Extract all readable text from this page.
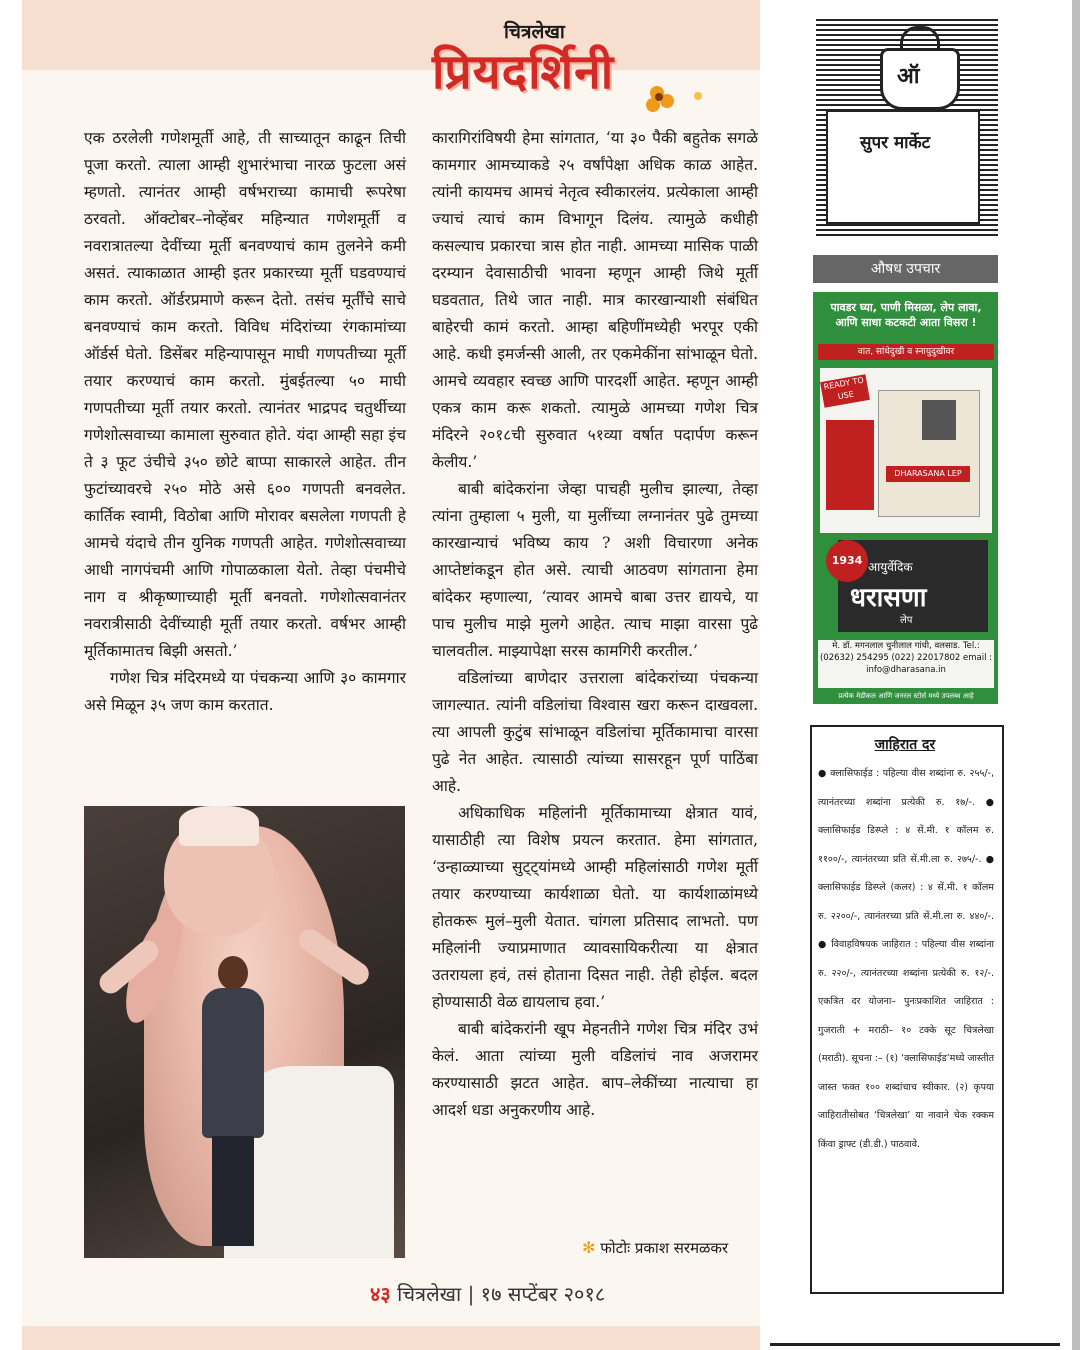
चित्रलेखा
प्रियदर्शिनी

एक ठरलेली गणेशमूर्ती आहे, ती साच्यातून काढून तिची पूजा करतो. त्याला आम्ही शुभारंभाचा नारळ फुटला असं म्हणतो. त्यानंतर आम्ही वर्षभराच्या कामाची रूपरेषा ठरवतो. ऑक्टोबर–नोव्हेंबर महिन्यात गणेशमूर्ती व नवरात्रातल्या देवींच्या मूर्ती बनवण्याचं काम तुलनेने कमी असतं. त्याकाळात आम्ही इतर प्रकारच्या मूर्ती घडवण्याचं काम करतो. ऑर्डरप्रमाणे करून देतो. तसंच मूर्तींचे साचे बनवण्याचं काम करतो. विविध मंदिरांच्या रंगकामांच्या ऑर्डर्स घेतो. डिसेंबर महिन्यापासून माघी गणपतीच्या मूर्ती तयार करण्याचं काम करतो. मुंबईतल्या ५० माघी गणपतीच्या मूर्ती तयार करतो. त्यानंतर भाद्रपद चतुर्थीच्या गणेशोत्सवाच्या कामाला सुरुवात होते. यंदा आम्ही सहा इंच ते ३ फूट उंचीचे ३५० छोटे बाप्पा साकारले आहेत. तीन फुटांच्यावरचे २५० मोठे असे ६०० गणपती बनवलेत. कार्तिक स्वामी, विठोबा आणि मोरावर बसलेला गणपती हे आमचे यंदाचे तीन युनिक गणपती आहेत. गणेशोत्सवाच्या आधी नागपंचमी आणि गोपाळकाला येतो. तेव्हा पंचमीचे नाग व श्रीकृष्णाच्याही मूर्ती बनवतो. गणेशोत्सवानंतर नवरात्रीसाठी देवींच्याही मूर्ती तयार करतो. वर्षभर आम्ही मूर्तिकामातच बिझी असतो.’

गणेश चित्र मंदिरमध्ये या पंचकन्या आणि ३० कामगार असे मिळून ३५ जण काम करतात.

कारागिरांविषयी हेमा सांगतात, ‘या ३० पैकी बहुतेक सगळे कामगार आमच्याकडे २५ वर्षांपेक्षा अधिक काळ आहेत. त्यांनी कायमच आमचं नेतृत्व स्वीकारलंय. प्रत्येकाला आम्ही ज्याचं त्याचं काम विभागून दिलंय. त्यामुळे कधीही कसल्याच प्रकारचा त्रास होत नाही. आमच्या मासिक पाळी दरम्यान देवासाठीची भावना म्हणून आम्ही जिथे मूर्ती घडवतात, तिथे जात नाही. मात्र कारखान्याशी संबंधित बाहेरची कामं करतो. आम्हा बहिणींमध्येही भरपूर एकी आहे. कधी इमर्जन्सी आली, तर एकमेकींना सांभाळून घेतो. आमचे व्यवहार स्वच्छ आणि पारदर्शी आहेत. म्हणून आम्ही एकत्र काम करू शकतो. त्यामुळे आमच्या गणेश चित्र मंदिरने २०१८ची सुरुवात ५१व्या वर्षात पदार्पण करून केलीय.’

बाबी बांदेकरांना जेव्हा पाचही मुलीच झाल्या, तेव्हा त्यांना तुम्हाला ५ मुली, या मुलींच्या लग्नानंतर पुढे तुमच्या कारखान्याचं भविष्य काय ? अशी विचारणा अनेक आप्तेष्टांकडून होत असे. त्याची आठवण सांगताना हेमा बांदेकर म्हणाल्या, ‘त्यावर आमचे बाबा उत्तर द्यायचे, या पाच मुलीच माझे मुलगे आहेत. त्याच माझा वारसा पुढे चालवतील. माझ्यापेक्षा सरस कामगिरी करतील.’

वडिलांच्या बाणेदार उत्तराला बांदेकरांच्या पंचकन्या जागल्यात. त्यांनी वडिलांचा विश्वास खरा करून दाखवला. त्या आपली कुटुंब सांभाळून वडिलांचा मूर्तिकामाचा वारसा पुढे नेत आहेत. त्यासाठी त्यांच्या सासरहून पूर्ण पाठिंबा आहे.

अधिकाधिक महिलांनी मूर्तिकामाच्या क्षेत्रात यावं, यासाठीही त्या विशेष प्रयत्न करतात. हेमा सांगतात, ‘उन्हाळ्याच्या सुट्ट्यांमध्ये आम्ही महिलांसाठी गणेश मूर्ती तयार करण्याच्या कार्यशाळा घेतो. या कार्यशाळांमध्ये होतकरू मुलं–मुली येतात. चांगला प्रतिसाद लाभतो. पण महिलांनी ज्याप्रमाणात व्यावसायिकरीत्या या क्षेत्रात उतरायला हवं, तसं होताना दिसत नाही. तेही होईल. बदल होण्यासाठी वेळ द्यायलाच हवा.’

बाबी बांदेकरांनी खूप मेहनतीने गणेश चित्र मंदिर उभं केलं. आता त्यांच्या मुली वडिलांचं नाव अजरामर करण्यासाठी झटत आहेत. बाप–लेकींच्या नात्याचा हा आदर्श धडा अनुकरणीय आहे.

✻ फोटोः प्रकाश सरमळकर
४३ चित्रलेखा | १७ सप्टेंबर २०१८
ऑ
सुपर मार्केट
औषध उपचार
पावडर घ्या, पाणी मिसळा, लेप लावा, आणि साधा कटकटी आता विसरा !
वात, सांधेदुखी व स्नायुदुखीवर
DHARASANA LEP
READY TO USE
1934 आयुर्वेदिक
धरासणा
लेप
मे. डॉ. मगनलाल चुनीलाल गांधी, वलसाड. Tel.: (02632) 254295 (022) 22017802 email : info@dharasana.in
प्रत्येक मेडीकल आणि जनरल स्टोर्स मध्ये उपलब्ध आहे
जाहिरात दर
● क्लासिफाईड : पहिल्या वीस शब्दांना रु. २५५/-, त्यानंतरच्या शब्दांना प्रत्येकी रु. १७/-. ● क्लासिफाईड डिस्प्ले : ४ सें.मी. १ कॉलम रु. ११००/-, त्यानंतरच्या प्रति सें.मी.ला रु. २७५/-. ● क्लासिफाईड डिस्प्ले (कलर) : ४ सें.मी. १ कॉलम रु. २२००/-, त्यानंतरच्या प्रति सें.मी.ला रु. ४४०/-. ● विवाहविषयक जाहिरात : पहिल्या वीस शब्दांना रु. २२०/-, त्यानंतरच्या शब्दांना प्रत्येकी रु. १२/-. एकत्रित दर योजना– पुनःप्रकाशित जाहिरात : गुजराती + मराठी– १० टक्के सूट चित्रलेखा (मराठी). सूचना :– (१) ‘क्लासिफाईड’मध्ये जास्तीत जास्त फक्त १०० शब्दांचाच स्वीकार. (२) कृपया जाहिरातीसोबत ‘चित्रलेखा’ या नावाने चेक रक्कम किंवा ड्राफ्ट (डी.डी.) पाठवावे.
